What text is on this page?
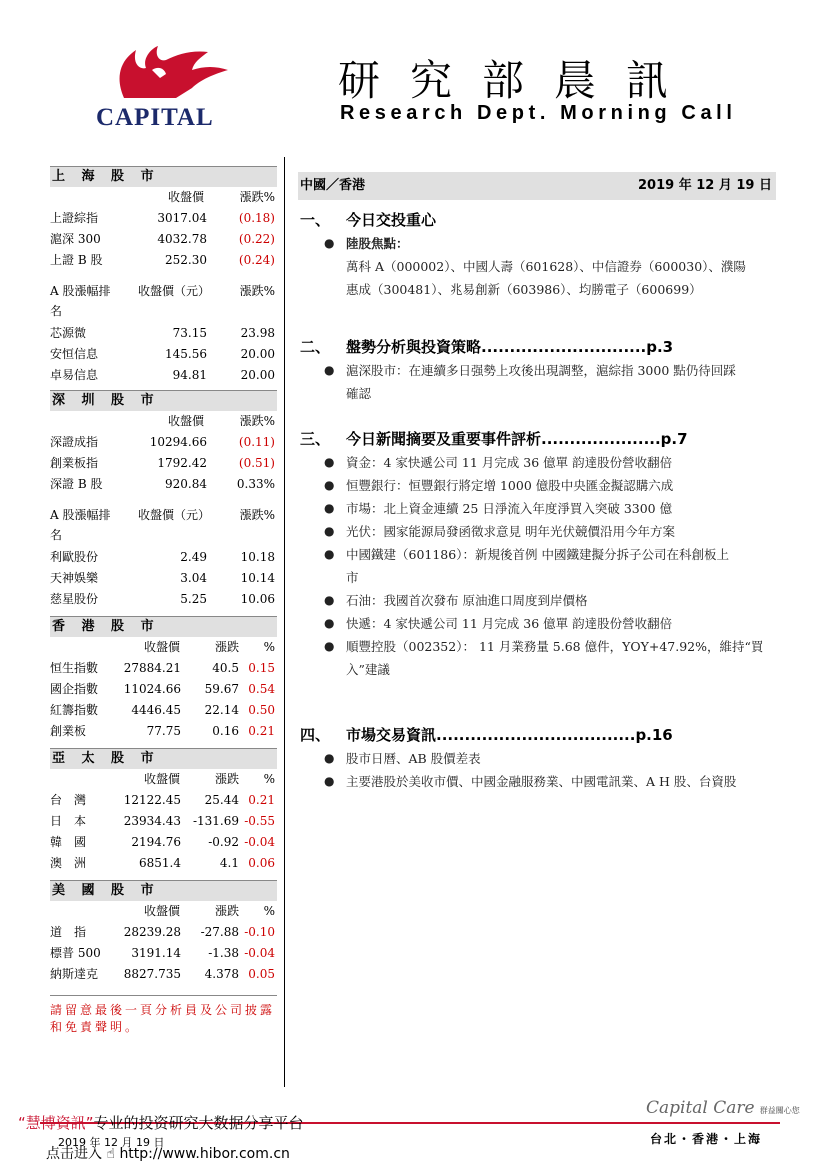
CAPITAL
研究部晨訊
Research Dept. Morning Call
上 海 股 市
收盤價	漲跌%
上證綜指	3017.04	(0.18)
滬深 300	4032.78	(0.22)
上證 B 股	252.30	(0.24)
A 股漲幅排名
收盤價（元） 漲跌%
芯源微	73.15	23.98
安恒信息	145.56	20.00
卓易信息	94.81	20.00
深 圳 股 市
收盤價	漲跌%
深證成指	10294.66	(0.11)
創業板指	1792.42	(0.51)
深證 B 股	920.84 0.33%
A 股漲幅排名
收盤價（元） 漲跌%
利歐股份	2.49	10.18
天神娛樂	3.04	10.14
慈星股份	5.25	10.06
香 港 股 市
收盤價	漲跌 %
恒生指數 27884.21	40.5 0.15
國企指數 11024.66 59.67 0.54
紅籌指數	4446.45 22.14 0.50
創業板	77.75	0.16 0.21
亞 太 股 市
收盤價	漲跌 %
台　灣	12122.45 25.44 0.21
日　本	23934.43 -131.69 -0.55
韓　國	2194.76 -0.92 -0.04
澳　洲	6851.4	4.1 0.06
美 國 股 市
收盤價	漲跌 %
道　指	28239.28 -27.88 -0.10
標普 500	3191.14 -1.38 -0.04
納斯達克 8827.735 4.378 0.05
請留意最後一頁分析員及公司披露和免責聲明。
中國／香港	2019 年 12 月 19 日
一、 今日交投重心
● 陸股焦點：
萬科 A（000002）、中國人壽（601628）、中信證券（600030）、濮陽
惠成（300481）、兆易創新（603986）、均勝電子（600699）
二、 盤勢分析與投資策略.............................p.3
● 滬深股市：在連續多日强勢上攻後出現調整，滬綜指 3000 點仍待回踩
確認
三、 今日新聞摘要及重要事件評析.....................p.7
● 資金：4 家快遞公司 11 月完成 36 億單 韵達股份營收翻倍
● 恒豐銀行：恒豐銀行將定增 1000 億股中央匯金擬認購六成
● 市場：北上資金連續 25 日淨流入年度淨買入突破 3300 億
● 光伏：國家能源局發函徵求意見 明年光伏競價沿用今年方案
● 中國鐵建（601186）：新規後首例 中國鐵建擬分拆子公司在科創板上
市
● 石油：我國首次發布 原油進口周度到岸價格
● 快遞：4 家快遞公司 11 月完成 36 億單 韵達股份營收翻倍
● 順豐控股（002352）： 11 月業務量 5.68 億件，YOY+47.92%，維持“買
入”建議
四、 市場交易資訊...................................p.16
● 股市日曆、AB 股價差表
● 主要港股於美收市價、中國金融服務業、中國電訊業、A H 股、台資股
“慧博資訊”专业的投资研究大数据分享平台
2019 年 12 月 19 日
点击进入 ☝ http://www.hibor.com.cn
Capital Care 群益關心您
台北・香港・上海
